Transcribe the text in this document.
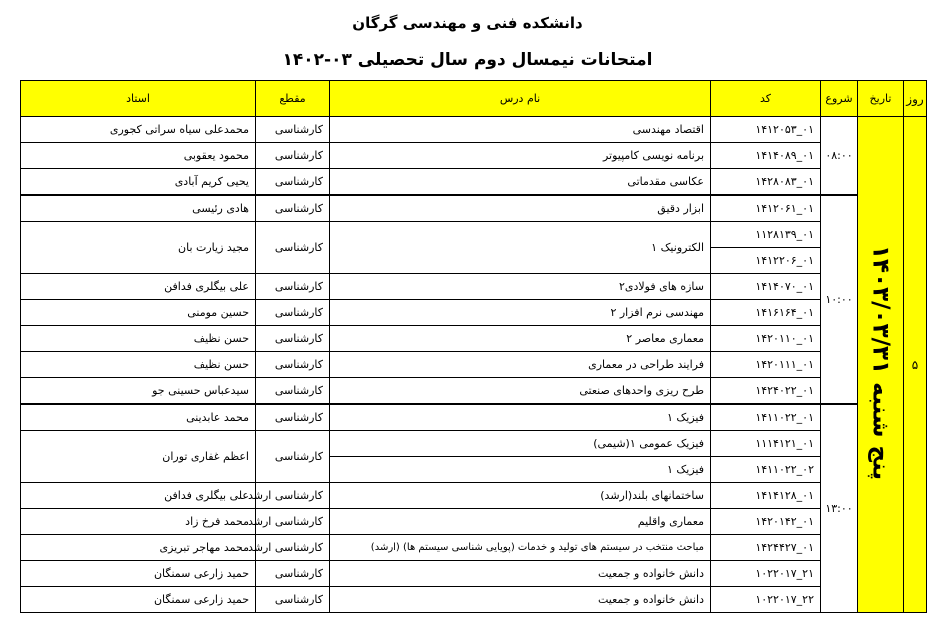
دانشکده فنی و مهندسی گرگان
امتحانات نیمسال دوم سال تحصیلی ۰۳-۱۴۰۲
روز	تاریخ	شروع	کد	نام درس	مقطع	استاد
۵	پنج شنبه ۱۴۰۳/۰۳/۳۱	۰۸:۰۰	۰۱_۱۴۱۲۰۵۳	اقتصاد مهندسی	کارشناسی	محمدعلی سیاه سراتی کجوری
			۰۱_۱۴۱۴۰۸۹	برنامه نویسی کامپیوتر	کارشناسی	محمود یعقوبی
			۰۱_۱۴۲۸۰۸۳	عکاسی مقدماتی	کارشناسی	یحیی کریم آبادی
		۱۰:۰۰	۰۱_۱۴۱۲۰۶۱	ابزار دقیق	کارشناسی	هادی رئیسی
			۰۱_۱۱۲۸۱۳۹	الکترونیک ۱	کارشناسی	مجید زیارت بان
			۰۱_۱۴۱۲۲۰۶			
			۰۱_۱۴۱۴۰۷۰	سازه های فولادی۲	کارشناسی	علی بیگلری فدافن
			۰۱_۱۴۱۶۱۶۴	مهندسی نرم افزار ۲	کارشناسی	حسین مومنی
			۰۱_۱۴۲۰۱۱۰	معماری معاصر ۲	کارشناسی	حسن نظیف
			۰۱_۱۴۲۰۱۱۱	فرایند طراحی در معماری	کارشناسی	حسن نظیف
			۰۱_۱۴۲۴۰۲۲	طرح ریزی واحدهای صنعتی	کارشناسی	سیدعباس حسینی جو
		۱۳:۰۰	۰۱_۱۴۱۱۰۲۲	فیزیک ۱	کارشناسی	محمد عابدینی
			۰۱_۱۱۱۴۱۲۱	فیزیک عمومی ۱(شیمی)	کارشناسی	اعظم غفاری توران
			۰۲_۱۴۱۱۰۲۲	فیزیک ۱		
			۰۱_۱۴۱۴۱۲۸	ساختمانهای بلند(ارشد)	کارشناسی ارشد	علی بیگلری فدافن
			۰۱_۱۴۲۰۱۴۲	معماری واقلیم	کارشناسی ارشد	محمد فرخ زاد
			۰۱_۱۴۲۴۴۲۷	مباحث منتخب در سیستم های تولید و خدمات (پویایی شناسی سیستم ها) (ارشد)	کارشناسی ارشد	محمد مهاجر تبریزی
			۲۱_۱۰۲۲۰۱۷	دانش خانواده و جمعیت	کارشناسی	حمید زارعی سمنگان
			۲۲_۱۰۲۲۰۱۷	دانش خانواده و جمعیت	کارشناسی	حمید زارعی سمنگان
